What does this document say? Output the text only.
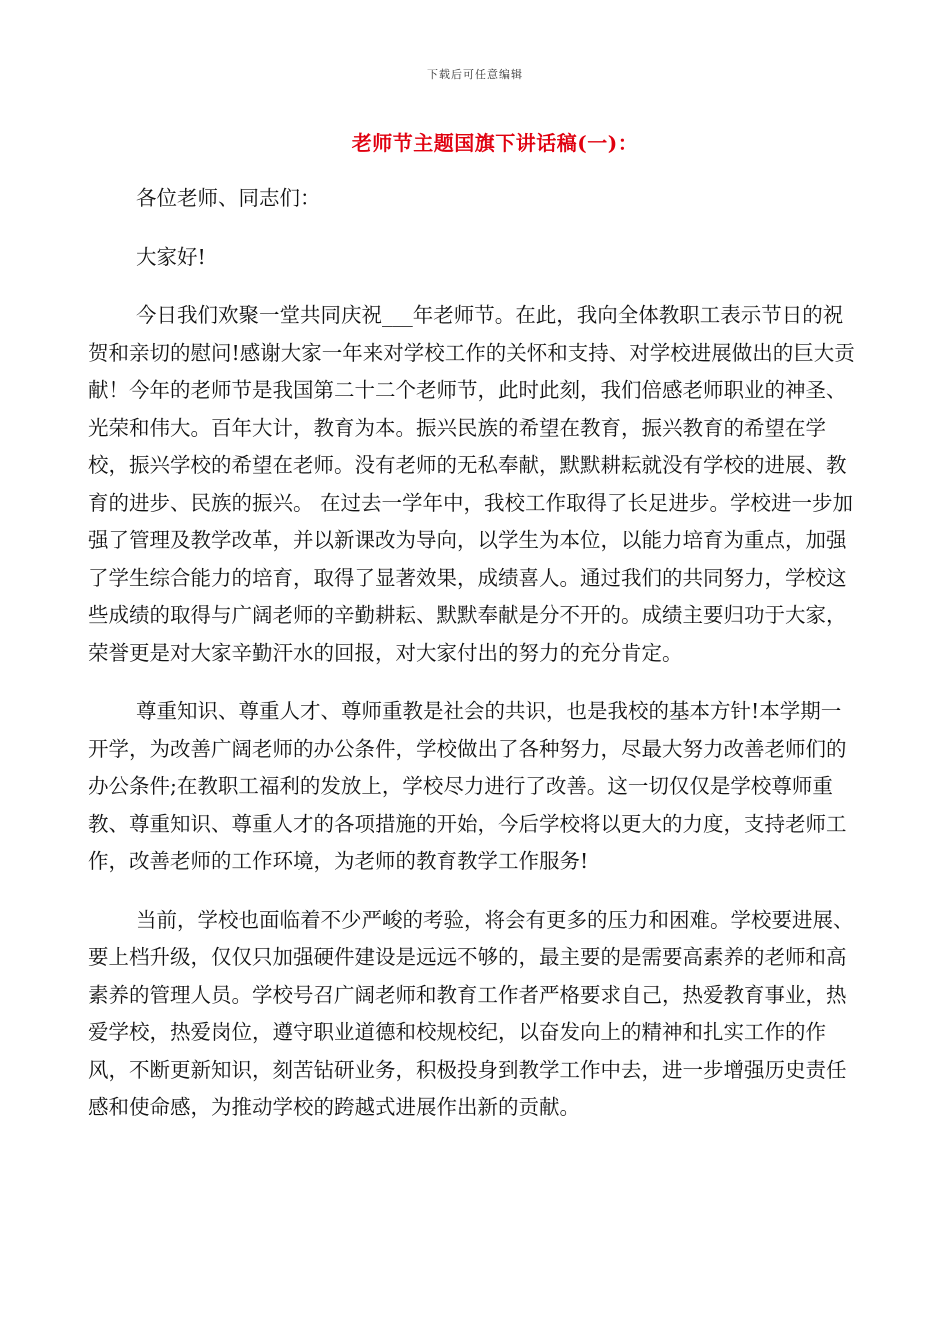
下载后可任意编辑
老师节主题国旗下讲话稿(一)：

各位老师、同志们：

大家好!

今日我们欢聚一堂共同庆祝___年老师节。在此，我向全体教职工表示节日的祝贺和亲切的慰问!感谢大家一年来对学校工作的关怀和支持、对学校进展做出的巨大贡献！今年的老师节是我国第二十二个老师节，此时此刻，我们倍感老师职业的神圣、光荣和伟大。百年大计，教育为本。振兴民族的希望在教育，振兴教育的希望在学校，振兴学校的希望在老师。没有老师的无私奉献，默默耕耘就没有学校的进展、教育的进步、民族的振兴。 在过去一学年中，我校工作取得了长足进步。学校进一步加强了管理及教学改革，并以新课改为导向，以学生为本位，以能力培育为重点，加强了学生综合能力的培育，取得了显著效果，成绩喜人。通过我们的共同努力，学校这些成绩的取得与广阔老师的辛勤耕耘、默默奉献是分不开的。成绩主要归功于大家，荣誉更是对大家辛勤汗水的回报，对大家付出的努力的充分肯定。

尊重知识、尊重人才、尊师重教是社会的共识，也是我校的基本方针!本学期一开学，为改善广阔老师的办公条件，学校做出了各种努力，尽最大努力改善老师们的办公条件;在教职工福利的发放上，学校尽力进行了改善。这一切仅仅是学校尊师重教、尊重知识、尊重人才的各项措施的开始，今后学校将以更大的力度，支持老师工作，改善老师的工作环境，为老师的教育教学工作服务!

当前，学校也面临着不少严峻的考验，将会有更多的压力和困难。学校要进展、要上档升级，仅仅只加强硬件建设是远远不够的，最主要的是需要高素养的老师和高素养的管理人员。学校号召广阔老师和教育工作者严格要求自己，热爱教育事业，热爱学校，热爱岗位，遵守职业道德和校规校纪，以奋发向上的精神和扎实工作的作风，不断更新知识，刻苦钻研业务，积极投身到教学工作中去，进一步增强历史责任感和使命感，为推动学校的跨越式进展作出新的贡献。
